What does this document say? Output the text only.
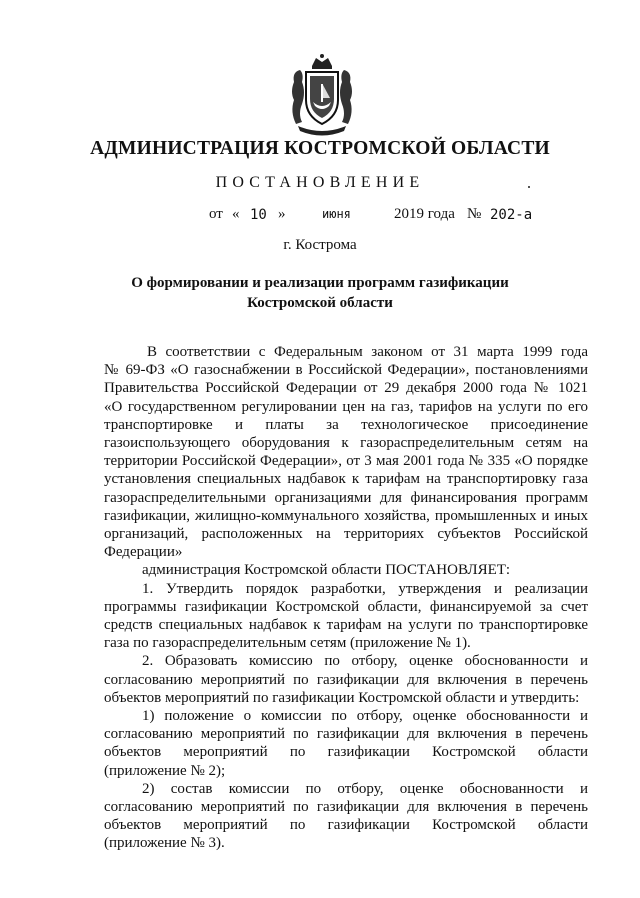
АДМИНИСТРАЦИЯ КОСТРОМСКОЙ ОБЛАСТИ
ПОСТАНОВЛЕНИЕ
от « 10 »	июня	2019 года № 202-а
г. Кострома
О формировании и реализации программ газификации
Костромской области

В соответствии с Федеральным законом от 31 марта 1999 года
№ 69-ФЗ «О газоснабжении в Российской Федерации», постановлениями
Правительства Российской Федерации от 29 декабря 2000 года № 1021
«О государственном регулировании цен на газ, тарифов на услуги по его
транспортировке и платы за технологическое присоединение
газоиспользующего оборудования к газораспределительным сетям на
территории Российской Федерации», от 3 мая 2001 года № 335 «О порядке
установления специальных надбавок к тарифам на транспортировку газа
газораспределительными организациями для финансирования программ
газификации, жилищно-коммунального хозяйства, промышленных и иных
организаций, расположенных на территориях субъектов Российской
Федерации»

администрация Костромской области ПОСТАНОВЛЯЕТ:

1. Утвердить порядок разработки, утверждения и реализации
программы газификации Костромской области, финансируемой за счет
средств специальных надбавок к тарифам на услуги по транспортировке
газа по газораспределительным сетям (приложение № 1).

2. Образовать комиссию по отбору, оценке обоснованности и
согласованию мероприятий по газификации для включения в перечень
объектов мероприятий по газификации Костромской области и утвердить:

1) положение о комиссии по отбору, оценке обоснованности и
согласованию мероприятий по газификации для включения в перечень
объектов мероприятий по газификации Костромской области
(приложение № 2);

2) состав комиссии по отбору, оценке обоснованности и
согласованию мероприятий по газификации для включения в перечень
объектов мероприятий по газификации Костромской области
(приложение № 3).
